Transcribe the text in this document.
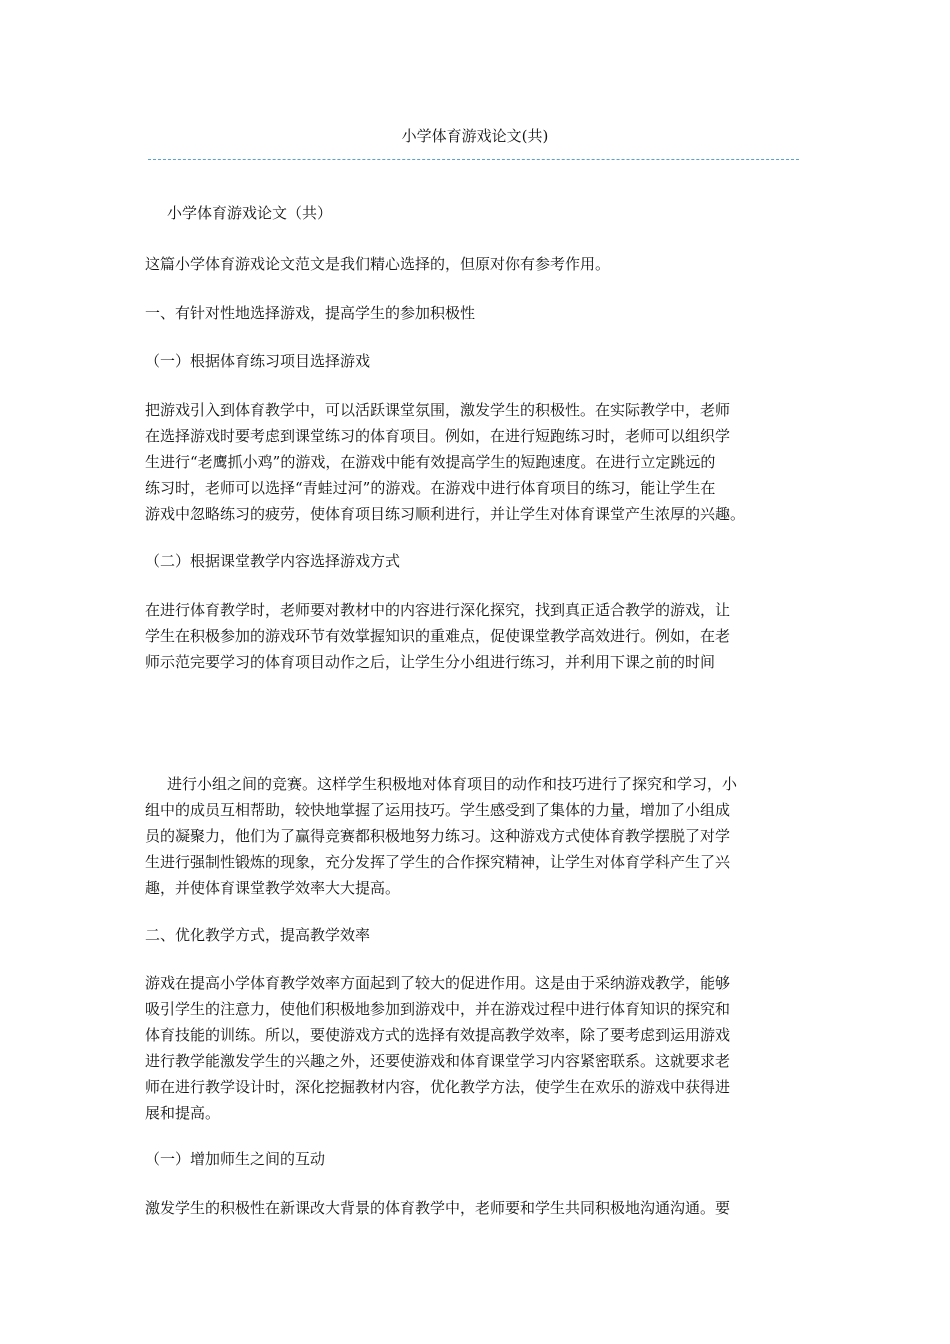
小学体育游戏论文(共)
小学体育游戏论文（共）
这篇小学体育游戏论文范文是我们精心选择的，但原对你有参考作用。
一、有针对性地选择游戏，提高学生的参加积极性
（一）根据体育练习项目选择游戏
把游戏引入到体育教学中，可以活跃课堂氛围，激发学生的积极性。在实际教学中，老师
在选择游戏时要考虑到课堂练习的体育项目。例如，在进行短跑练习时，老师可以组织学
生进行“老鹰抓小鸡”的游戏，在游戏中能有效提高学生的短跑速度。在进行立定跳远的
练习时，老师可以选择“青蛙过河”的游戏。在游戏中进行体育项目的练习，能让学生在
游戏中忽略练习的疲劳，使体育项目练习顺利进行，并让学生对体育课堂产生浓厚的兴趣。
（二）根据课堂教学内容选择游戏方式
在进行体育教学时，老师要对教材中的内容进行深化探究，找到真正适合教学的游戏，让
学生在积极参加的游戏环节有效掌握知识的重难点，促使课堂教学高效进行。例如，在老
师示范完要学习的体育项目动作之后，让学生分小组进行练习，并利用下课之前的时间
进行小组之间的竞赛。这样学生积极地对体育项目的动作和技巧进行了探究和学习，小
组中的成员互相帮助，较快地掌握了运用技巧。学生感受到了集体的力量，增加了小组成
员的凝聚力，他们为了赢得竞赛都积极地努力练习。这种游戏方式使体育教学摆脱了对学
生进行强制性锻炼的现象，充分发挥了学生的合作探究精神，让学生对体育学科产生了兴
趣，并使体育课堂教学效率大大提高。
二、优化教学方式，提高教学效率
游戏在提高小学体育教学效率方面起到了较大的促进作用。这是由于采纳游戏教学，能够
吸引学生的注意力，使他们积极地参加到游戏中，并在游戏过程中进行体育知识的探究和
体育技能的训练。所以，要使游戏方式的选择有效提高教学效率，除了要考虑到运用游戏
进行教学能激发学生的兴趣之外，还要使游戏和体育课堂学习内容紧密联系。这就要求老
师在进行教学设计时，深化挖掘教材内容，优化教学方法，使学生在欢乐的游戏中获得进
展和提高。
（一）增加师生之间的互动
激发学生的积极性在新课改大背景的体育教学中，老师要和学生共同积极地沟通沟通。要
